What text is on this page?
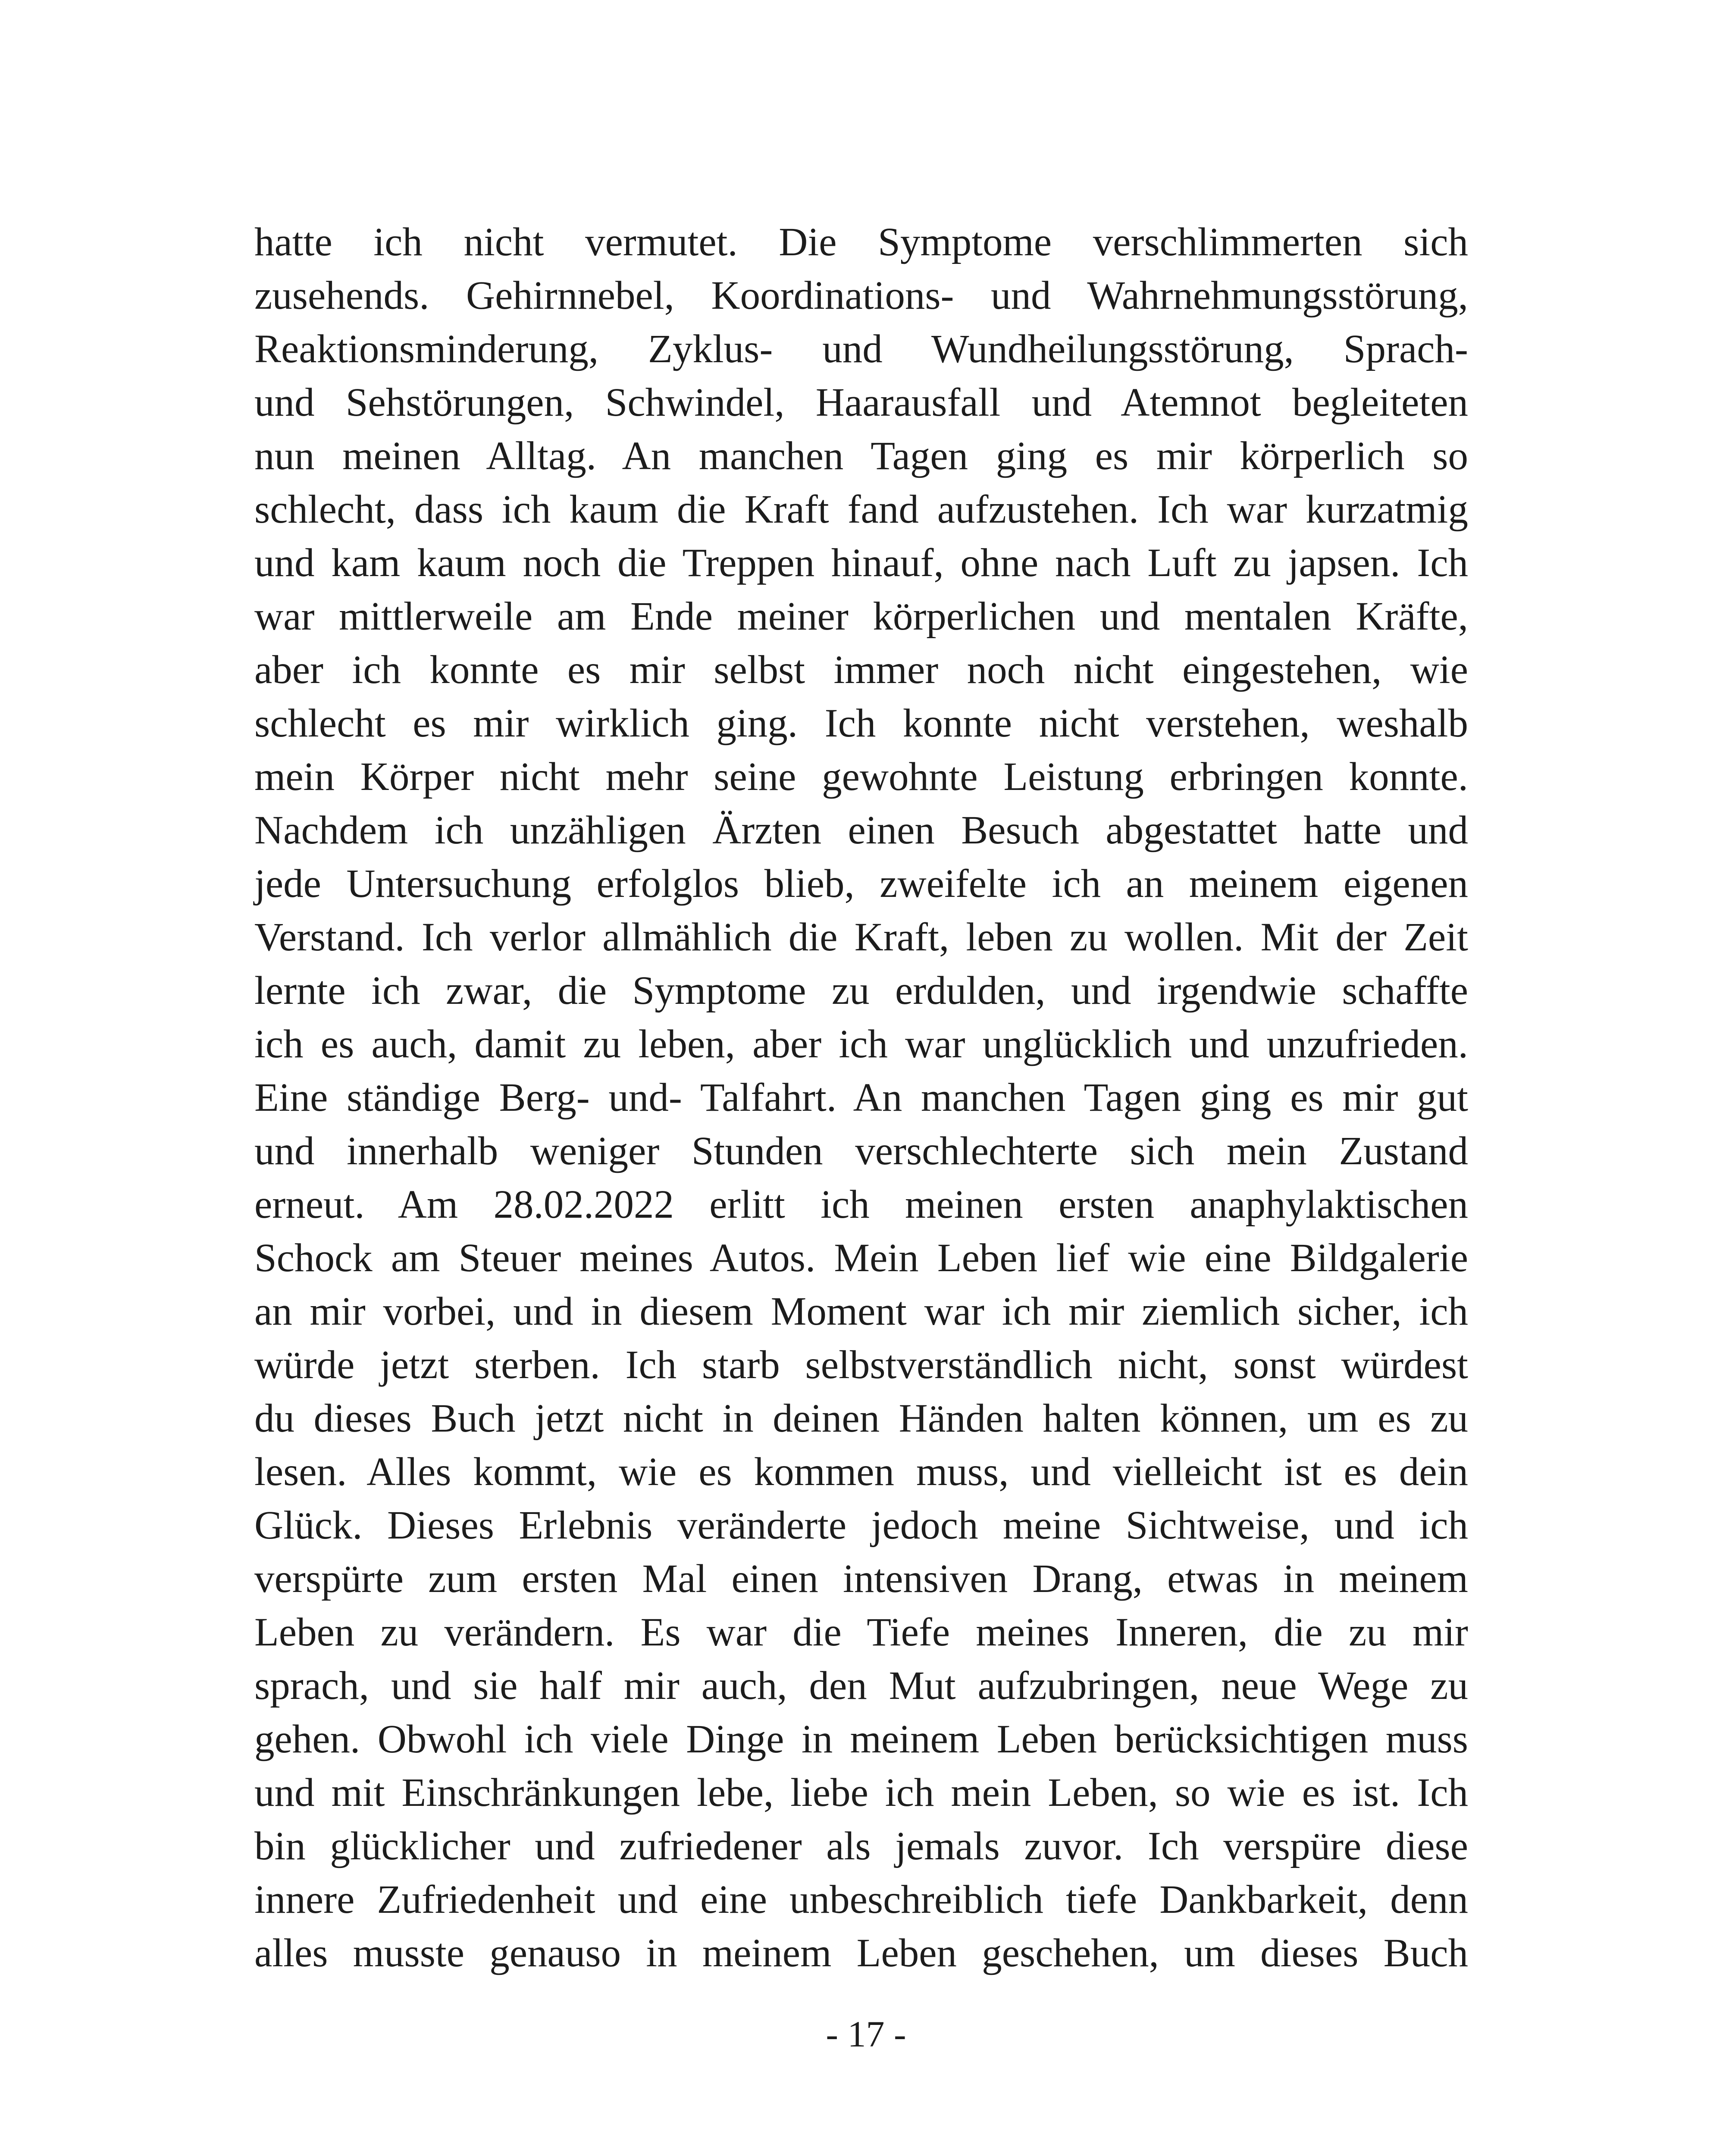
hatte ich nicht vermutet. Die Symptome verschlimmerten sich
zusehends. Gehirnnebel, Koordinations- und Wahrnehmungsstörung,
Reaktionsminderung, Zyklus- und Wundheilungsstörung, Sprach-
und Sehstörungen, Schwindel, Haarausfall und Atemnot begleiteten
nun meinen Alltag. An manchen Tagen ging es mir körperlich so
schlecht, dass ich kaum die Kraft fand aufzustehen. Ich war kurzatmig
und kam kaum noch die Treppen hinauf, ohne nach Luft zu japsen. Ich
war mittlerweile am Ende meiner körperlichen und mentalen Kräfte,
aber ich konnte es mir selbst immer noch nicht eingestehen, wie
schlecht es mir wirklich ging. Ich konnte nicht verstehen, weshalb
mein Körper nicht mehr seine gewohnte Leistung erbringen konnte.
Nachdem ich unzähligen Ärzten einen Besuch abgestattet hatte und
jede Untersuchung erfolglos blieb, zweifelte ich an meinem eigenen
Verstand. Ich verlor allmählich die Kraft, leben zu wollen. Mit der Zeit
lernte ich zwar, die Symptome zu erdulden, und irgendwie schaffte
ich es auch, damit zu leben, aber ich war unglücklich und unzufrieden.
Eine ständige Berg- und- Talfahrt. An manchen Tagen ging es mir gut
und innerhalb weniger Stunden verschlechterte sich mein Zustand
erneut. Am 28.02.2022 erlitt ich meinen ersten anaphylaktischen
Schock am Steuer meines Autos. Mein Leben lief wie eine Bildgalerie
an mir vorbei, und in diesem Moment war ich mir ziemlich sicher, ich
würde jetzt sterben. Ich starb selbstverständlich nicht, sonst würdest
du dieses Buch jetzt nicht in deinen Händen halten können, um es zu
lesen. Alles kommt, wie es kommen muss, und vielleicht ist es dein
Glück. Dieses Erlebnis veränderte jedoch meine Sichtweise, und ich
verspürte zum ersten Mal einen intensiven Drang, etwas in meinem
Leben zu verändern. Es war die Tiefe meines Inneren, die zu mir
sprach, und sie half mir auch, den Mut aufzubringen, neue Wege zu
gehen. Obwohl ich viele Dinge in meinem Leben berücksichtigen muss
und mit Einschränkungen lebe, liebe ich mein Leben, so wie es ist. Ich
bin glücklicher und zufriedener als jemals zuvor. Ich verspüre diese
innere Zufriedenheit und eine unbeschreiblich tiefe Dankbarkeit, denn
alles musste genauso in meinem Leben geschehen, um dieses Buch
- 17 -
